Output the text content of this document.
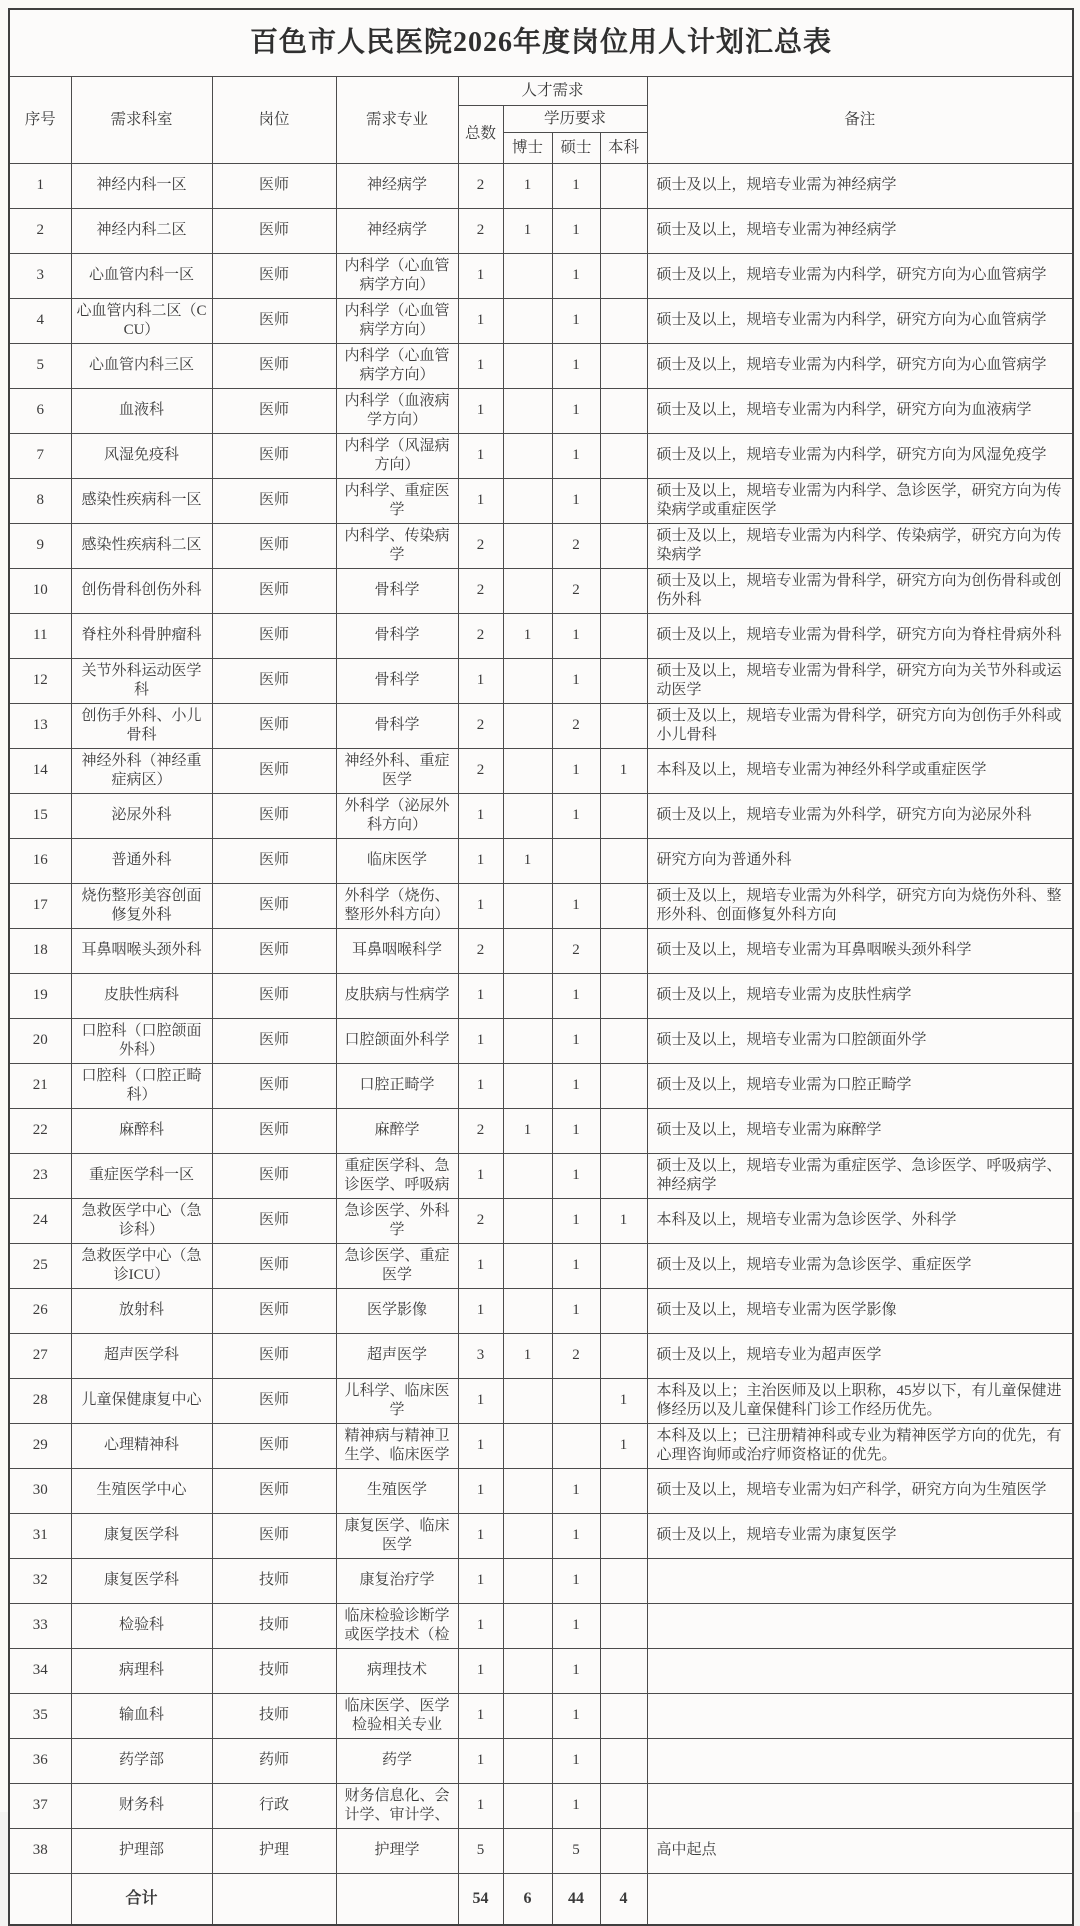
百色市人民医院2026年度岗位用人计划汇总表								
序号	需求科室	岗位	需求专业	人才需求				备注
				总数	学历要求			
					博士	硕士	本科	
1	神经内科一区	医师	神经病学	2	1	1		硕士及以上，规培专业需为神经病学
2	神经内科二区	医师	神经病学	2	1	1		硕士及以上，规培专业需为神经病学
3	心血管内科一区	医师	内科学（心血管病学方向）	1		1		硕士及以上，规培专业需为内科学，研究方向为心血管病学
4	心血管内科二区（CCU）	医师	内科学（心血管病学方向）	1		1		硕士及以上，规培专业需为内科学，研究方向为心血管病学
5	心血管内科三区	医师	内科学（心血管病学方向）	1		1		硕士及以上，规培专业需为内科学，研究方向为心血管病学
6	血液科	医师	内科学（血液病学方向）	1		1		硕士及以上，规培专业需为内科学，研究方向为血液病学
7	风湿免疫科	医师	内科学（风湿病方向）	1		1		硕士及以上，规培专业需为内科学，研究方向为风湿免疫学
8	感染性疾病科一区	医师	内科学、重症医学	1		1		硕士及以上，规培专业需为内科学、急诊医学，研究方向为传染病学或重症医学
9	感染性疾病科二区	医师	内科学、传染病学	2		2		硕士及以上，规培专业需为内科学、传染病学，研究方向为传染病学
10	创伤骨科创伤外科	医师	骨科学	2		2		硕士及以上，规培专业需为骨科学，研究方向为创伤骨科或创伤外科
11	脊柱外科骨肿瘤科	医师	骨科学	2	1	1		硕士及以上，规培专业需为骨科学，研究方向为脊柱骨病外科
12	关节外科运动医学科	医师	骨科学	1		1		硕士及以上，规培专业需为骨科学，研究方向为关节外科或运动医学
13	创伤手外科、小儿骨科	医师	骨科学	2		2		硕士及以上，规培专业需为骨科学，研究方向为创伤手外科或小儿骨科
14	神经外科（神经重症病区）	医师	神经外科、重症医学	2		1	1	本科及以上，规培专业需为神经外科学或重症医学
15	泌尿外科	医师	外科学（泌尿外科方向）	1		1		硕士及以上，规培专业需为外科学，研究方向为泌尿外科
16	普通外科	医师	临床医学	1	1			研究方向为普通外科
17	烧伤整形美容创面修复外科	医师	外科学（烧伤、整形外科方向）	1		1		硕士及以上，规培专业需为外科学，研究方向为烧伤外科、整形外科、创面修复外科方向
18	耳鼻咽喉头颈外科	医师	耳鼻咽喉科学	2		2		硕士及以上，规培专业需为耳鼻咽喉头颈外科学
19	皮肤性病科	医师	皮肤病与性病学	1		1		硕士及以上，规培专业需为皮肤性病学
20	口腔科（口腔颌面外科）	医师	口腔颌面外科学	1		1		硕士及以上，规培专业需为口腔颌面外学
21	口腔科（口腔正畸科）	医师	口腔正畸学	1		1		硕士及以上，规培专业需为口腔正畸学
22	麻醉科	医师	麻醉学	2	1	1		硕士及以上，规培专业需为麻醉学
23	重症医学科一区	医师	重症医学科、急诊医学、呼吸病	1		1		硕士及以上，规培专业需为重症医学、急诊医学、呼吸病学、神经病学
24	急救医学中心（急诊科）	医师	急诊医学、外科学	2		1	1	本科及以上，规培专业需为急诊医学、外科学
25	急救医学中心（急诊ICU）	医师	急诊医学、重症医学	1		1		硕士及以上，规培专业需为急诊医学、重症医学
26	放射科	医师	医学影像	1		1		硕士及以上，规培专业需为医学影像
27	超声医学科	医师	超声医学	3	1	2		硕士及以上，规培专业为超声医学
28	儿童保健康复中心	医师	儿科学、临床医学	1			1	本科及以上；主治医师及以上职称，45岁以下，有儿童保健进修经历以及儿童保健科门诊工作经历优先。
29	心理精神科	医师	精神病与精神卫生学、临床医学	1			1	本科及以上；已注册精神科或专业为精神医学方向的优先，有心理咨询师或治疗师资格证的优先。
30	生殖医学中心	医师	生殖医学	1		1		硕士及以上，规培专业需为妇产科学，研究方向为生殖医学
31	康复医学科	医师	康复医学、临床医学	1		1		硕士及以上，规培专业需为康复医学
32	康复医学科	技师	康复治疗学	1		1		
33	检验科	技师	临床检验诊断学或医学技术（检	1		1		
34	病理科	技师	病理技术	1		1		
35	输血科	技师	临床医学、医学检验相关专业	1		1		
36	药学部	药师	药学	1		1		
37	财务科	行政	财务信息化、会计学、审计学、	1		1		
38	护理部	护理	护理学	5		5		高中起点
	合计			54	6	44	4	
